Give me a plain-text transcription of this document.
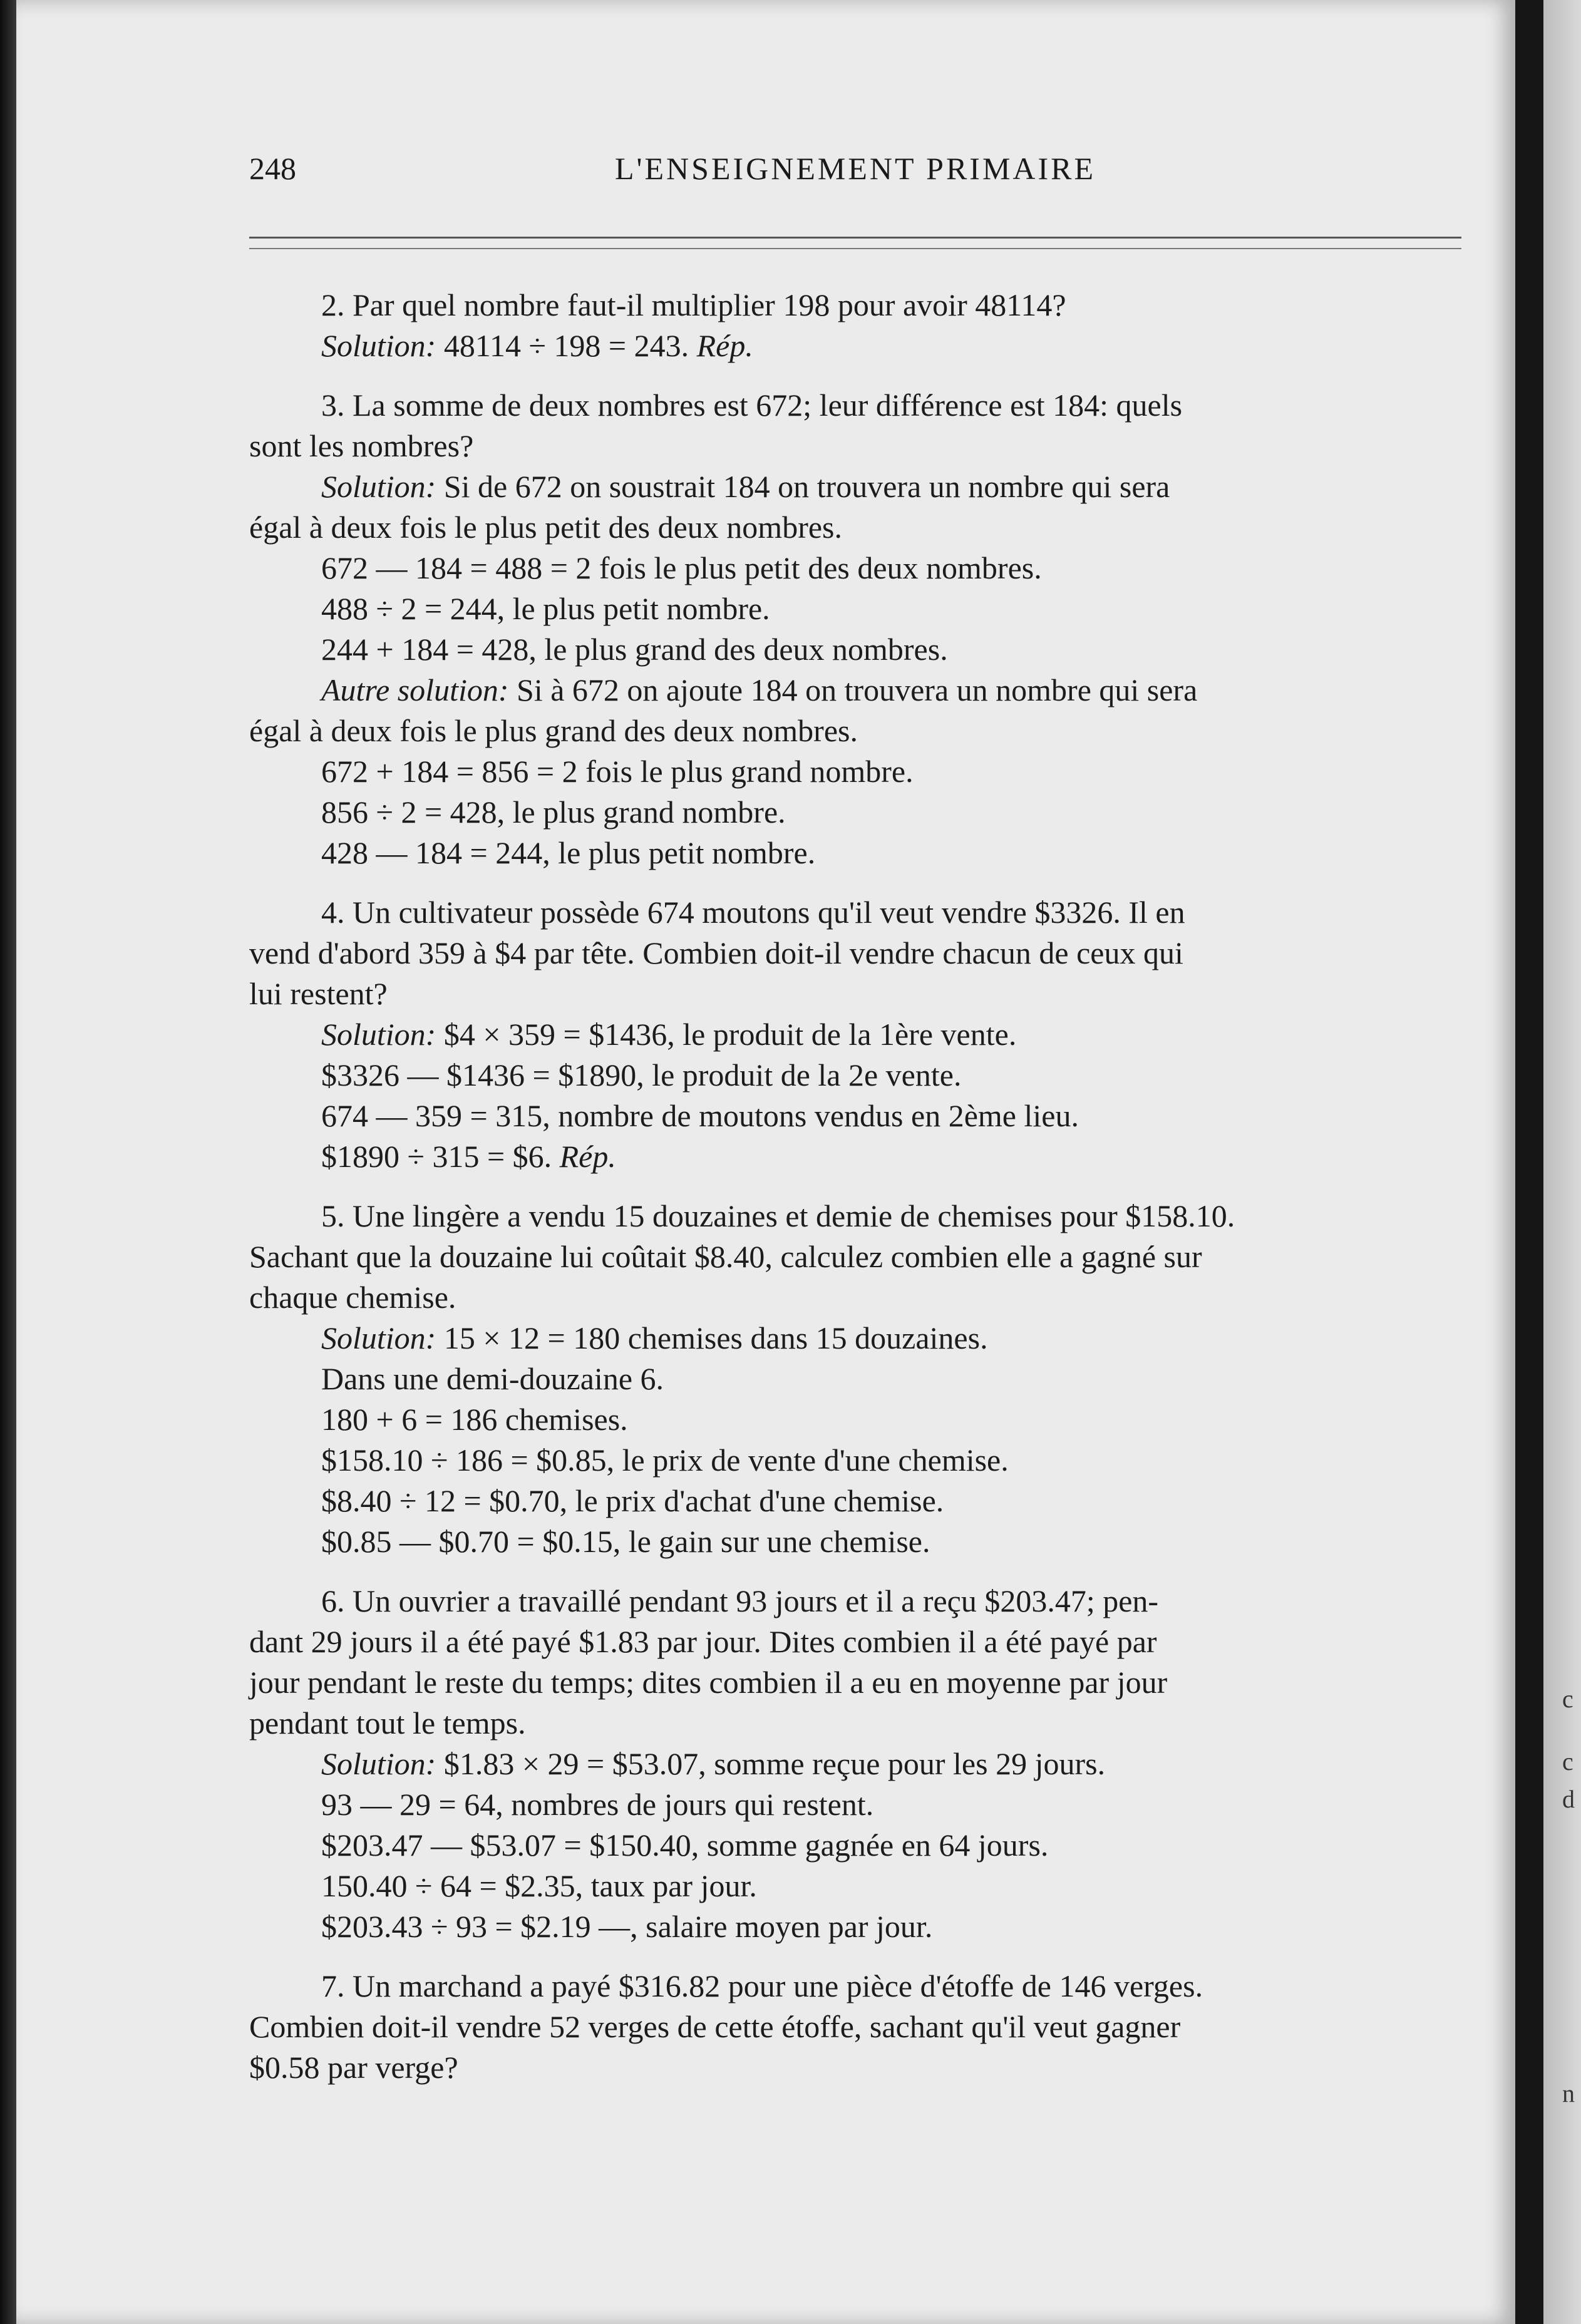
c
c
d
n
248	L'ENSEIGNEMENT PRIMAIRE
2. Par quel nombre faut-il multiplier 198 pour avoir 48114?
Solution: 48114 ÷ 198 = 243. Rép.
3. La somme de deux nombres est 672; leur différence est 184: quels
sont les nombres?
Solution: Si de 672 on soustrait 184 on trouvera un nombre qui sera
égal à deux fois le plus petit des deux nombres.
672 — 184 = 488 = 2 fois le plus petit des deux nombres.
488 ÷ 2 = 244, le plus petit nombre.
244 + 184 = 428, le plus grand des deux nombres.
Autre solution: Si à 672 on ajoute 184 on trouvera un nombre qui sera
égal à deux fois le plus grand des deux nombres.
672 + 184 = 856 = 2 fois le plus grand nombre.
856 ÷ 2 = 428, le plus grand nombre.
428 — 184 = 244, le plus petit nombre.
4. Un cultivateur possède 674 moutons qu'il veut vendre $3326. Il en
vend d'abord 359 à $4 par tête. Combien doit-il vendre chacun de ceux qui
lui restent?
Solution: $4 × 359 = $1436, le produit de la 1ère vente.
$3326 — $1436 = $1890, le produit de la 2e vente.
674 — 359 = 315, nombre de moutons vendus en 2ème lieu.
$1890 ÷ 315 = $6. Rép.
5. Une lingère a vendu 15 douzaines et demie de chemises pour $158.10.
Sachant que la douzaine lui coûtait $8.40, calculez combien elle a gagné sur
chaque chemise.
Solution: 15 × 12 = 180 chemises dans 15 douzaines.
Dans une demi-douzaine 6.
180 + 6 = 186 chemises.
$158.10 ÷ 186 = $0.85, le prix de vente d'une chemise.
$8.40 ÷ 12 = $0.70, le prix d'achat d'une chemise.
$0.85 — $0.70 = $0.15, le gain sur une chemise.
6. Un ouvrier a travaillé pendant 93 jours et il a reçu $203.47; pen-
dant 29 jours il a été payé $1.83 par jour. Dites combien il a été payé par
jour pendant le reste du temps; dites combien il a eu en moyenne par jour
pendant tout le temps.
Solution: $1.83 × 29 = $53.07, somme reçue pour les 29 jours.
93 — 29 = 64, nombres de jours qui restent.
$203.47 — $53.07 = $150.40, somme gagnée en 64 jours.
150.40 ÷ 64 = $2.35, taux par jour.
$203.43 ÷ 93 = $2.19 —, salaire moyen par jour.
7. Un marchand a payé $316.82 pour une pièce d'étoffe de 146 verges.
Combien doit-il vendre 52 verges de cette étoffe, sachant qu'il veut gagner
$0.58 par verge?
